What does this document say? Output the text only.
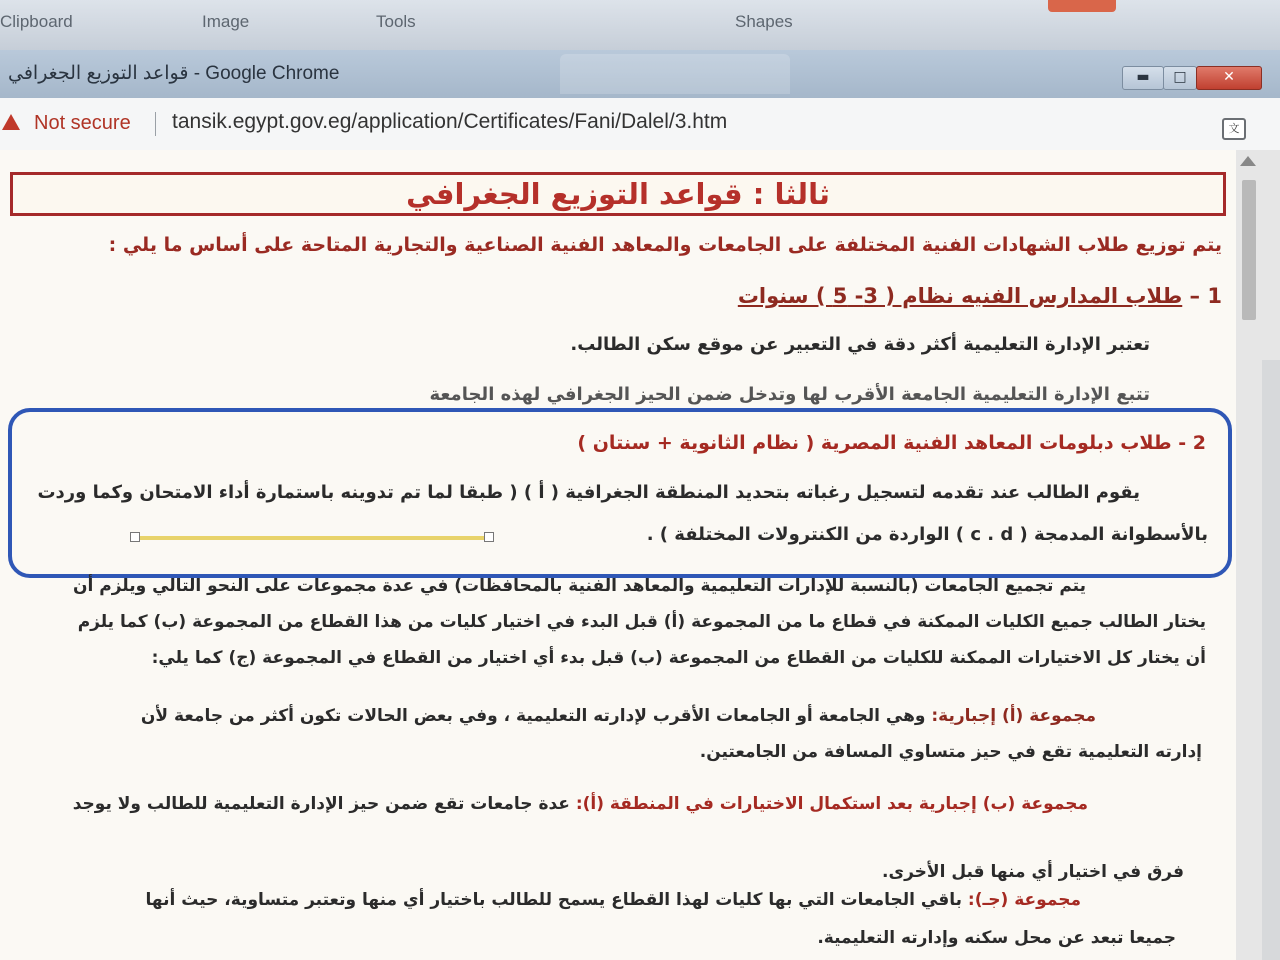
Clipboard	Image	Tools	Shapes
قواعد التوزيع الجغرافي - Google Chrome	▬	□	✕
Not secure tansik.egypt.gov.eg/application/Certificates/Fani/Dalel/3.htm	文
ثالثا : قواعد التوزيع الجغرافي
يتم توزيع طلاب الشهادات الفنية المختلفة على الجامعات والمعاهد الفنية الصناعية والتجارية المتاحة على أساس ما يلي :
1 – طلاب المدارس الفنيه نظام ( 3- 5 ) سنوات
تعتبر الإدارة التعليمية أكثر دقة في التعبير عن موقع سكن الطالب.
تتبع الإدارة التعليمية الجامعة الأقرب لها وتدخل ضمن الحيز الجغرافي لهذه الجامعة
2 - طلاب دبلومات المعاهد الفنية المصرية ( نظام الثانوية + سنتان )
يقوم الطالب عند تقدمه لتسجيل رغباته بتحديد المنطقة الجغرافية ( أ ) ( طبقا لما تم تدوينه باستمارة أداء الامتحان وكما وردت
بالأسطوانة المدمجة ( c . d ) الواردة من الكنترولات المختلفة ) .
يتم تجميع الجامعات (بالنسبة للإدارات التعليمية والمعاهد الفنية بالمحافظات) في عدة مجموعات على النحو التالي ويلزم أن
يختار الطالب جميع الكليات الممكنة في قطاع ما من المجموعة (أ) قبل البدء في اختيار كليات من هذا القطاع من المجموعة (ب) كما يلزم
أن يختار كل الاختيارات الممكنة للكليات من القطاع من المجموعة (ب) قبل بدء أي اختيار من القطاع في المجموعة (ج) كما يلي:
مجموعة (أ) إجبارية: وهي الجامعة أو الجامعات الأقرب لإدارته التعليمية ، وفي بعض الحالات تكون أكثر من جامعة لأن
إدارته التعليمية تقع في حيز متساوي المسافة من الجامعتين.
مجموعة (ب) إجبارية بعد استكمال الاختيارات في المنطقة (أ): عدة جامعات تقع ضمن حيز الإدارة التعليمية للطالب ولا يوجد
فرق في اختيار أي منها قبل الأخرى.
مجموعة (جـ): باقي الجامعات التي بها كليات لهذا القطاع يسمح للطالب باختيار أي منها وتعتبر متساوية، حيث أنها
جميعا تبعد عن محل سكنه وإدارته التعليمية.
